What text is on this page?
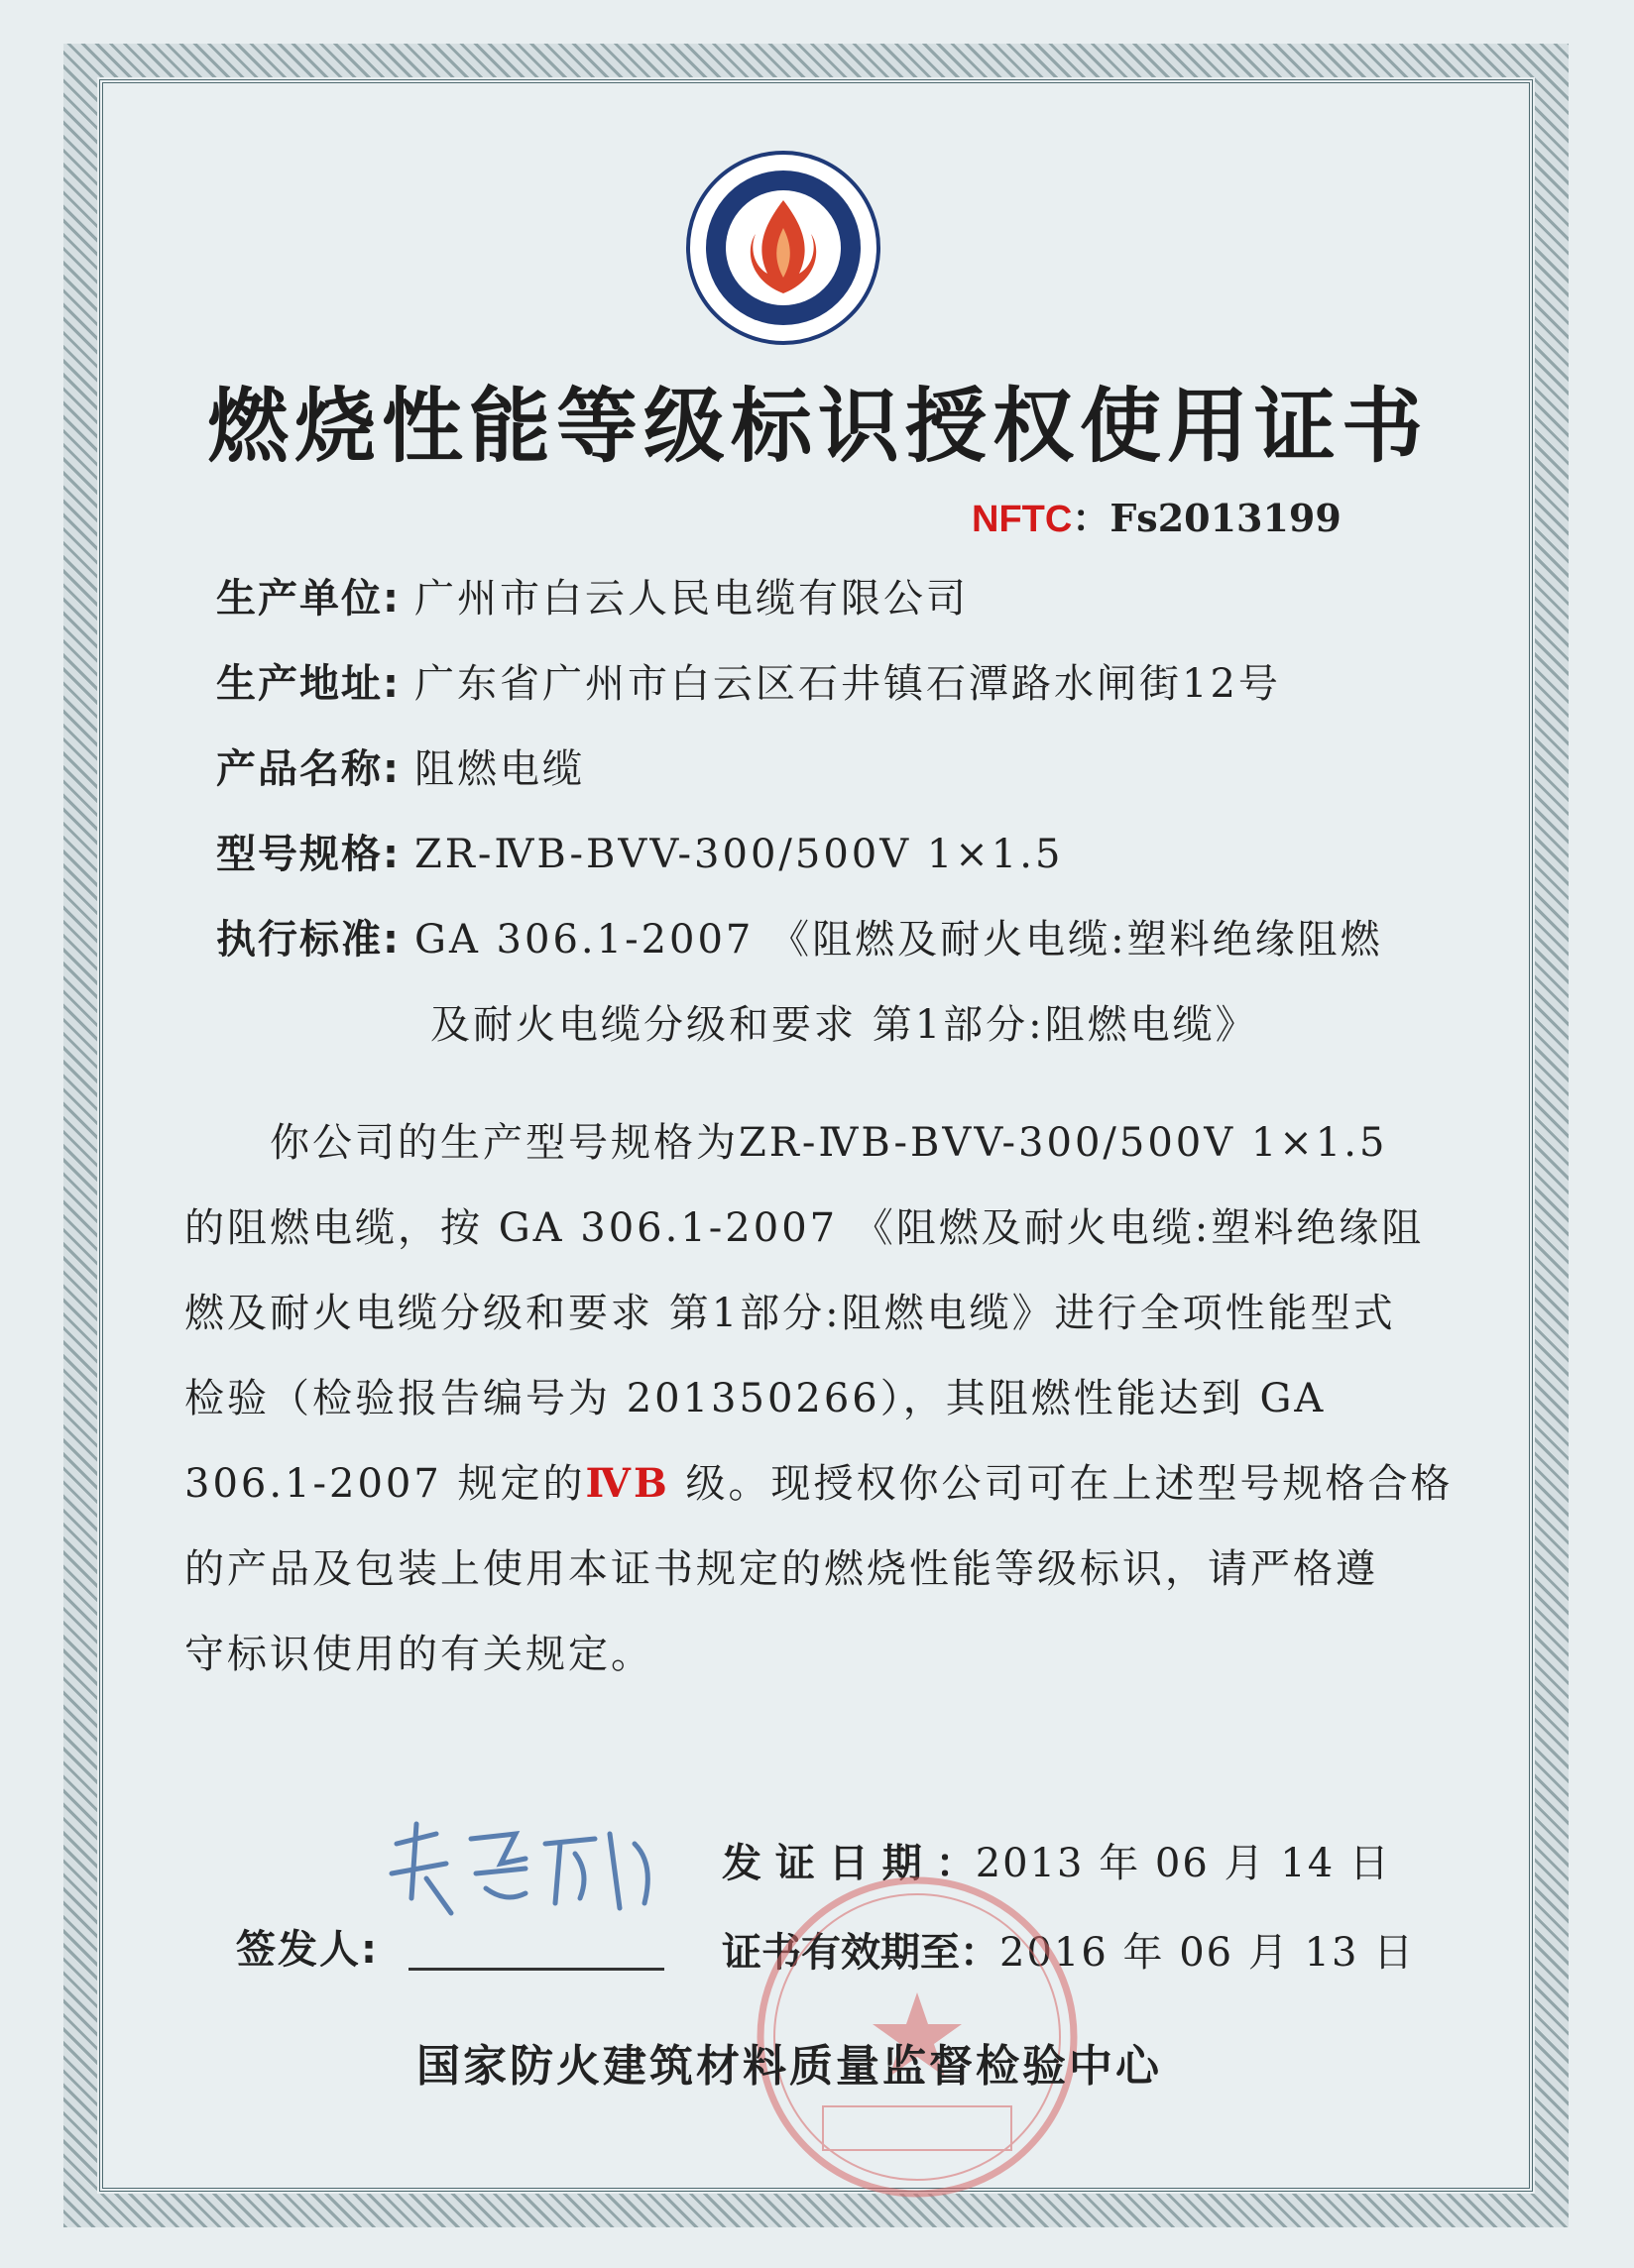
燃烧性能等级标识授权使用证书
NFTC：Fs2013199
生产单位: 广州市白云人民电缆有限公司
生产地址: 广东省广州市白云区石井镇石潭路水闸街12号
产品名称: 阻燃电缆
型号规格: ZR-ⅣB-BVV-300/500V 1×1.5
执行标准: GA 306.1-2007 《阻燃及耐火电缆:塑料绝缘阻燃
及耐火电缆分级和要求 第1部分:阻燃电缆》
你公司的生产型号规格为ZR-ⅣB-BVV-300/500V 1×1.5
的阻燃电缆，按 GA 306.1-2007 《阻燃及耐火电缆:塑料绝缘阻
燃及耐火电缆分级和要求 第1部分:阻燃电缆》进行全项性能型式
检验（检验报告编号为 201350266），其阻燃性能达到 GA
306.1-2007 规定的ⅣB 级。现授权你公司可在上述型号规格合格
的产品及包装上使用本证书规定的燃烧性能等级标识，请严格遵
守标识使用的有关规定。
签发人:
发 证 日 期 ：2013 年 06 月 14 日
证书有效期至：2016 年 06 月 13 日
国家防火建筑材料质量监督检验中心
